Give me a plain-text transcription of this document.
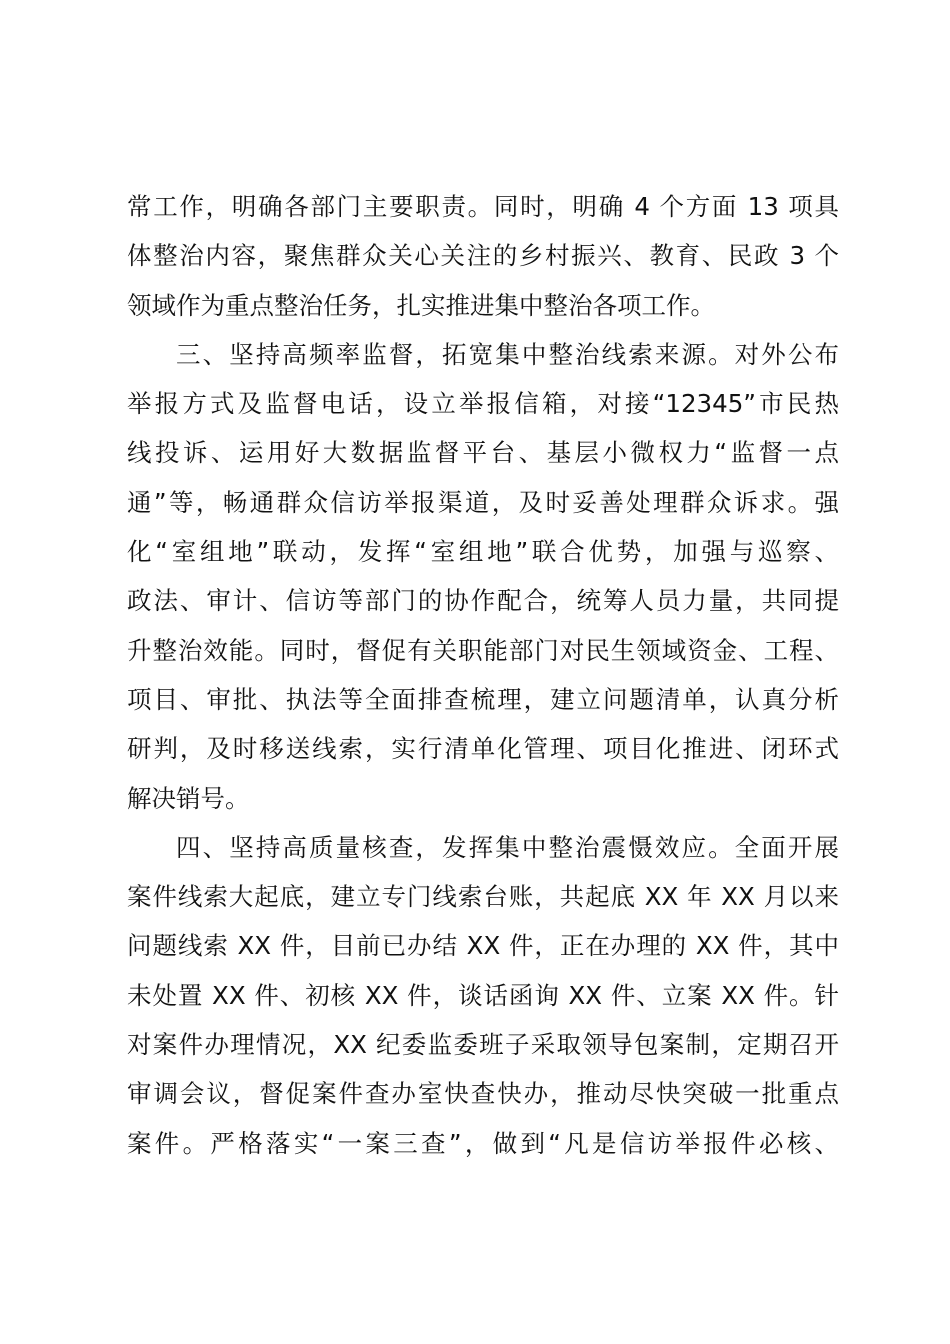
常工作，明确各部门主要职责。同时，明确 4 个方面 13 项具
体整治内容，聚焦群众关心关注的乡村振兴、教育、民政 3 个
领域作为重点整治任务，扎实推进集中整治各项工作。
三、坚持高频率监督，拓宽集中整治线索来源。对外公布
举报方式及监督电话，设立举报信箱，对接“12345”市民热
线投诉、运用好大数据监督平台、基层小微权力“监督一点
通”等，畅通群众信访举报渠道，及时妥善处理群众诉求。强
化“室组地”联动，发挥“室组地”联合优势，加强与巡察、
政法、审计、信访等部门的协作配合，统筹人员力量，共同提
升整治效能。同时，督促有关职能部门对民生领域资金、工程、
项目、审批、执法等全面排查梳理，建立问题清单，认真分析
研判，及时移送线索，实行清单化管理、项目化推进、闭环式
解决销号。
四、坚持高质量核查，发挥集中整治震慑效应。全面开展
案件线索大起底，建立专门线索台账，共起底 XX 年 XX 月以来
问题线索 XX 件，目前已办结 XX 件，正在办理的 XX 件，其中
未处置 XX 件、初核 XX 件，谈话函询 XX 件、立案 XX 件。针
对案件办理情况，XX 纪委监委班子采取领导包案制，定期召开
审调会议，督促案件查办室快查快办，推动尽快突破一批重点
案件。严格落实“一案三查”，做到“凡是信访举报件必核、
